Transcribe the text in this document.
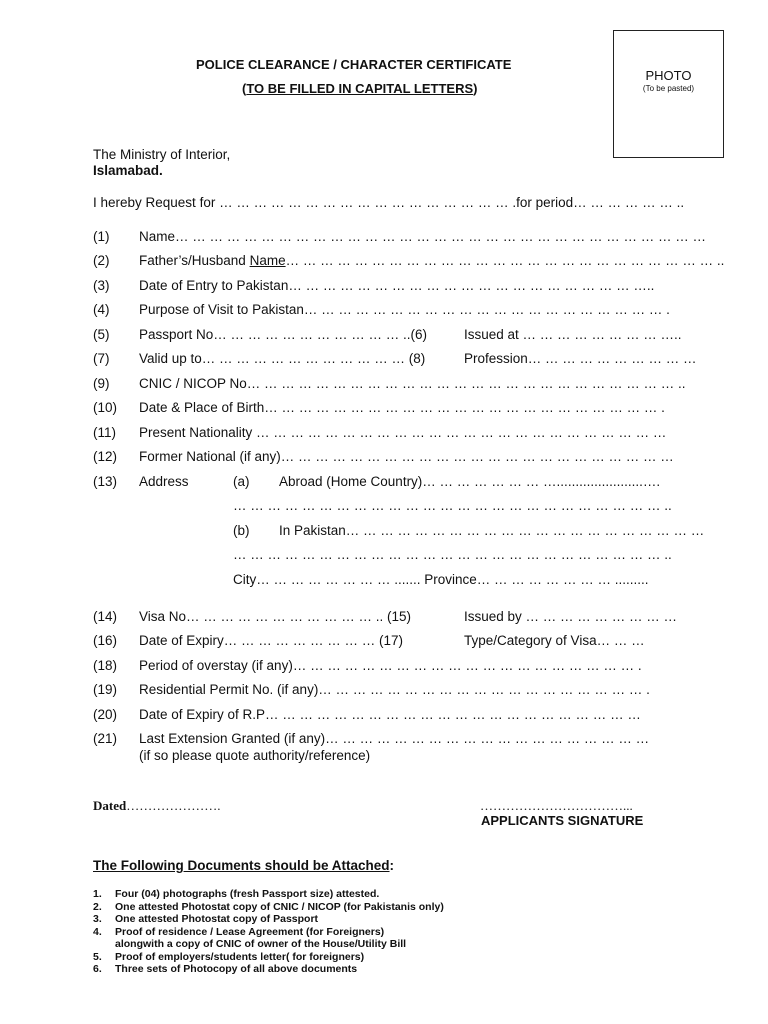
POLICE CLEARANCE / CHARACTER CERTIFICATE
(TO BE FILLED IN CAPITAL LETTERS)
PHOTO
(To be pasted)
The Ministry of Interior,
Islamabad.
I hereby Request for … … … … … … … … … … … … … … … … … .for period… … … … … … ..
(1) Name… … … … … … … … … … … … … … … … … … … … … … … … … … … … … … …
(2) Father’s/Husband Name… … … … … … … … … … … … … … … … … … … … … … … … … ..
(3) Date of Entry to Pakistan… … … … … … … … … … … … … … … … … … … … …..
(4) Purpose of Visit to Pakistan… … … … … … … … … … … … … … … … … … … … … .
(5) Passport No… … … … … … … … … … … ..(6)	Issued at … … … … … … … … …..
(7) Valid up to… … … … … … … … … … … … (8)	Profession… … … … … … … … … …
(9) CNIC / NICOP No… … … … … … … … … … … … … … … … … … … … … … … … … ..
(10) Date & Place of Birth… … … … … … … … … … … … … … … … … … … … … … … .
(11) Present Nationality … … … … … … … … … … … … … … … … … … … … … … … …
(12) Former National (if any)… … … … … … … … … … … … … … … … … … … … … … …
(13) Address	(a) Abroad (Home Country)… … … … … … … ….......................….
… … … … … … … … … … … … … … … … … … … … … … … … … ..
(b) In Pakistan… … … … … … … … … … … … … … … … … … … … …
… … … … … … … … … … … … … … … … … … … … … … … … … ..
City… … … … … … … … ....... Province… … … … … … … … .........
(14) Visa No… … … … … … … … … … … .. (15)	Issued by … … … … … … … … …
(16) Date of Expiry… … … … … … … … … (17)	Type/Category of Visa… … …
(18) Period of overstay (if any)… … … … … … … … … … … … … … … … … … … … .
(19) Residential Permit No. (if any)… … … … … … … … … … … … … … … … … … … .
(20) Date of Expiry of R.P… … … … … … … … … … … … … … … … … … … … … …
(21) Last Extension Granted (if any)… … … … … … … … … … … … … … … … … … …
(if so please quote authority/reference)
Dated………………….	……………………………...
APPLICANTS SIGNATURE
The Following Documents should be Attached:
1. Four (04) photographs (fresh Passport size) attested.
2. One attested Photostat copy of CNIC / NICOP (for Pakistanis only)
3. One attested Photostat copy of Passport
4. Proof of residence / Lease Agreement (for Foreigners)
alongwith a copy of CNIC of owner of the House/Utility Bill
5. Proof of employers/students letter( for foreigners)
6. Three sets of Photocopy of all above documents
